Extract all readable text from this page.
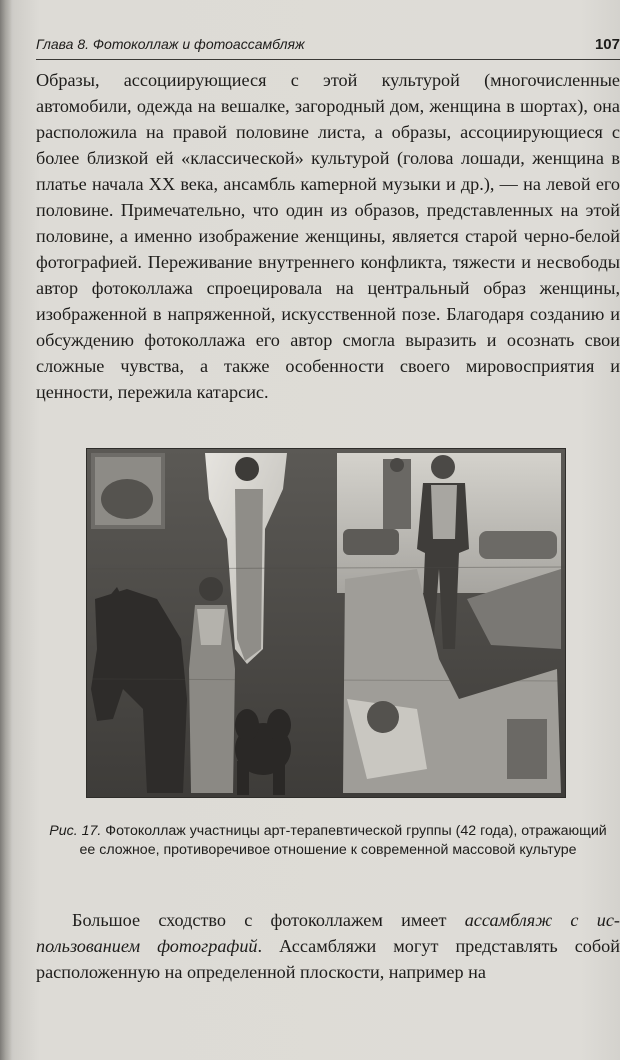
Глава 8. Фотоколлаж и фотоассамбляж	107
Образы, ассоциирующиеся с этой культурой (многочисленные автомобили, одежда на вешалке, загородный дом, женщина в шортах), она расположила на правой половине листа, а образы, ассоциирующиеся с более близкой ей «классической» культурой (голова лошади, женщина в платье начала XX века, ансамбль каmерной музыки и др.), — на левой его половине. Примечательно, что один из образов, представленных на этой половине, а именно изображение женщины, является старой черно-белой фотографией. Переживание внутреннего конфликта, тяжести и несвободы автор фотоколлажа спроецировала на центральный образ женщины, изображенной в напряженной, искусственной позе. Благодаря созданию и обсуждению фотоколлажа его автор смогла выразить и осознать свои сложные чувства, а также особенности своего мировосприятия и ценности, пережила катарсис.
Рис. 17. Фотоколлаж участницы арт-терапевтической группы (42 года), отражающий ее сложное, противоречивое отношение к современной массовой культуре
Большое сходство с фотоколлажем имеет ассамбляж с использованием фотографий. Ассамбляжи могут представлять собой расположенную на определенной плоскости, например на
